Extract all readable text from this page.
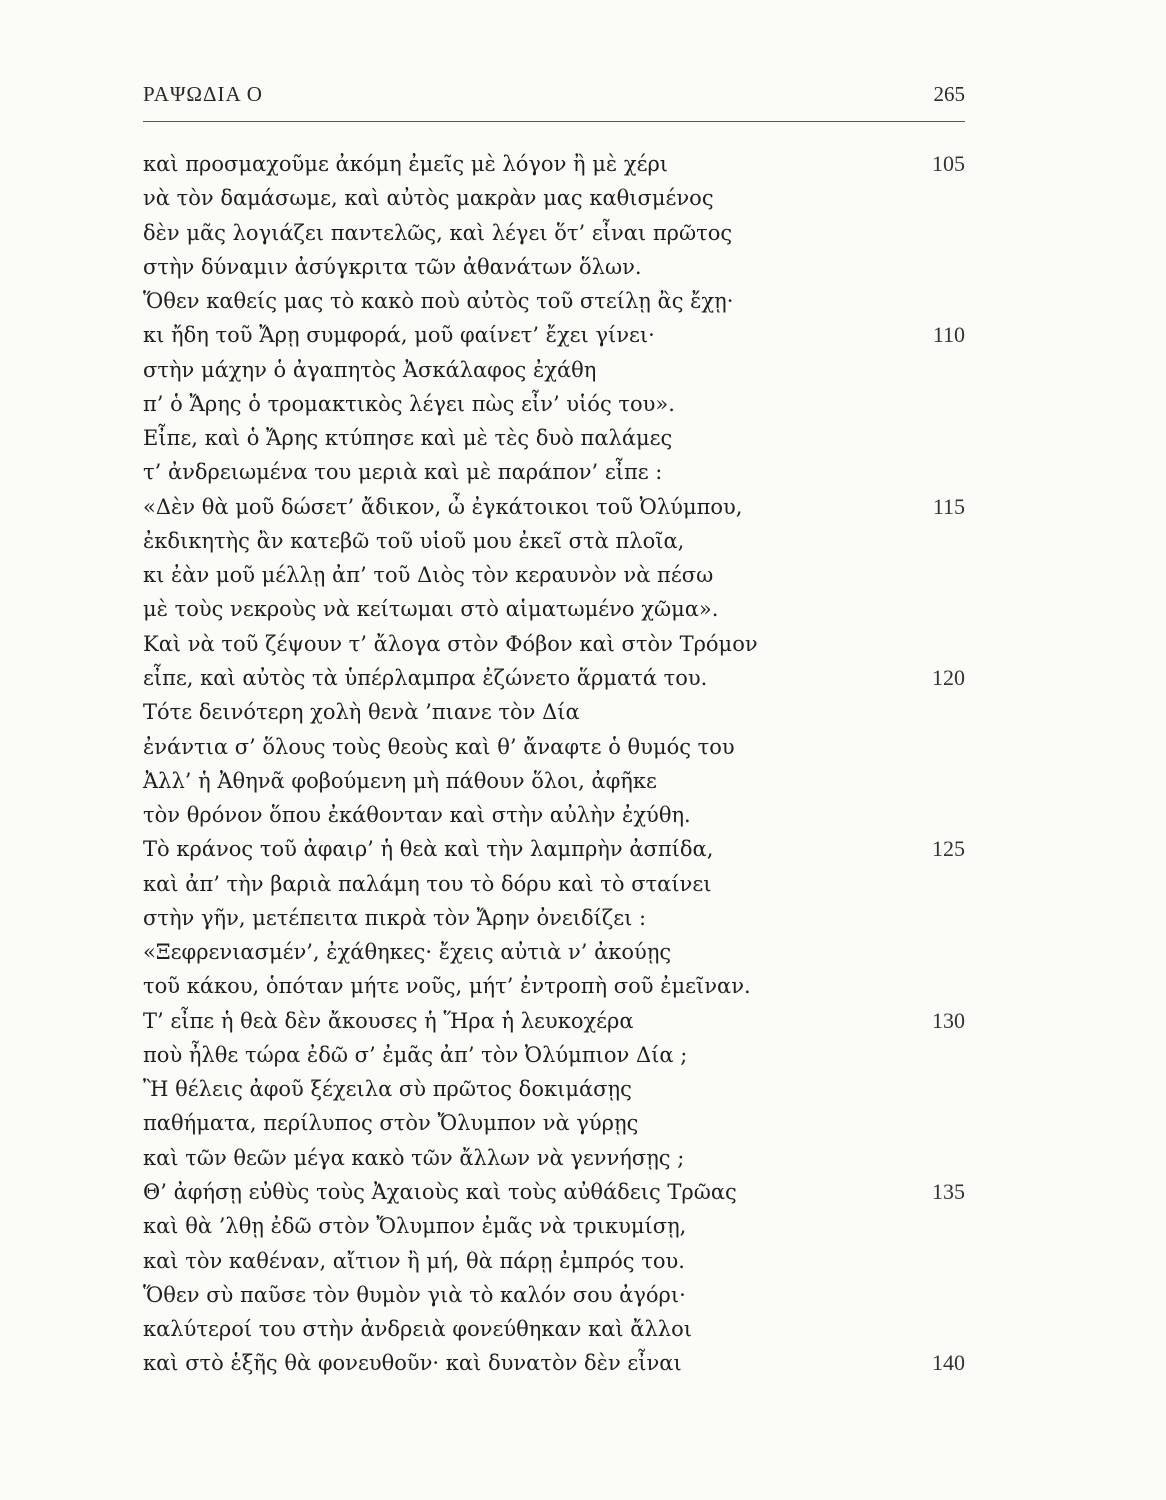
ΡΑΨΩΔΙΑ Ο	265
καὶ προσμαχοῦμε ἀκόμη ἐμεῖς μὲ λόγον ἢ μὲ χέρι	105
νὰ τὸν δαμάσωμε, καὶ αὐτὸς μακρὰν μας καθισμένος
δὲν μᾶς λογιάζει παντελῶς, καὶ λέγει ὅτ’ εἶναι πρῶτος
στὴν δύναμιν ἀσύγκριτα τῶν ἀθανάτων ὅλων.
Ὅθεν καθείς μας τὸ κακὸ ποὺ αὐτὸς τοῦ στείλῃ ἂς ἔχῃ·
κι ἤδη τοῦ Ἄρῃ συμφορά, μοῦ φαίνετ’ ἔχει γίνει·	110
στὴν μάχην ὁ ἀγαπητὸς Ἀσκάλαφος ἐχάθη
π’ ὁ Ἄρης ὁ τρομακτικὸς λέγει πὼς εἶν’ υἱός του».
Εἶπε, καὶ ὁ Ἄρης κτύπησε καὶ μὲ τὲς δυὸ παλάμες
τ’ ἀνδρειωμένα του μεριὰ καὶ μὲ παράπον’ εἶπε :
«Δὲν θὰ μοῦ δώσετ’ ἄδικον, ὦ ἐγκάτοικοι τοῦ Ὀλύμπου,	115
ἐκδικητὴς ἂν κατεβῶ τοῦ υἱοῦ μου ἐκεῖ στὰ πλοῖα,
κι ἐὰν μοῦ μέλλῃ ἀπ’ τοῦ Διὸς τὸν κεραυνὸν νὰ πέσω
μὲ τοὺς νεκροὺς νὰ κείτωμαι στὸ αἱματωμένο χῶμα».
Καὶ νὰ τοῦ ζέψουν τ’ ἄλογα στὸν Φόβον καὶ στὸν Τρόμον
εἶπε, καὶ αὐτὸς τὰ ὑπέρλαμπρα ἐζώνετο ἅρματά του.	120
Τότε δεινότερη χολὴ θενὰ ’πιανε τὸν Δία
ἐνάντια σ’ ὅλους τοὺς θεοὺς καὶ θ’ ἄναφτε ὁ θυμός του
Ἀλλ’ ἡ Ἀθηνᾶ φοβούμενη μὴ πάθουν ὅλοι, ἀφῆκε
τὸν θρόνον ὅπου ἐκάθονταν καὶ στὴν αὐλὴν ἐχύθη.
Τὸ κράνος τοῦ ἀφαιρ’ ἡ θεὰ καὶ τὴν λαμπρὴν ἀσπίδα,	125
καὶ ἀπ’ τὴν βαριὰ παλάμη του τὸ δόρυ καὶ τὸ σταίνει
στὴν γῆν, μετέπειτα πικρὰ τὸν Ἄρην ὀνειδίζει :
«Ξεφρενιασμέν’, ἐχάθηκες· ἔχεις αὐτιὰ ν’ ἀκούῃς
τοῦ κάκου, ὁπόταν μήτε νοῦς, μήτ’ ἐντροπὴ σοῦ ἐμεῖναν.
Τ’ εἶπε ἡ θεὰ δὲν ἄκουσες ἡ Ἥρα ἡ λευκοχέρα	130
ποὺ ἦλθε τώρα ἐδῶ σ’ ἐμᾶς ἀπ’ τὸν Ὀλύμπιον Δία ;
Ἢ θέλεις ἀφοῦ ξέχειλα σὺ πρῶτος δοκιμάσῃς
παθήματα, περίλυπος στὸν Ὄλυμπον νὰ γύρῃς
καὶ τῶν θεῶν μέγα κακὸ τῶν ἄλλων νὰ γεννήσῃς ;
Θ’ ἀφήσῃ εὐθὺς τοὺς Ἀχαιοὺς καὶ τοὺς αὐθάδεις Τρῶας	135
καὶ θὰ ’λθῃ ἐδῶ στὸν Ὄλυμπον ἐμᾶς νὰ τρικυμίσῃ,
καὶ τὸν καθέναν, αἴτιον ἢ μή, θὰ πάρῃ ἐμπρός του.
Ὅθεν σὺ παῦσε τὸν θυμὸν γιὰ τὸ καλόν σου ἀγόρι·
καλύτεροί του στὴν ἀνδρειὰ φονεύθηκαν καὶ ἄλλοι
καὶ στὸ ἑξῆς θὰ φονευθοῦν· καὶ δυνατὸν δὲν εἶναι	140
